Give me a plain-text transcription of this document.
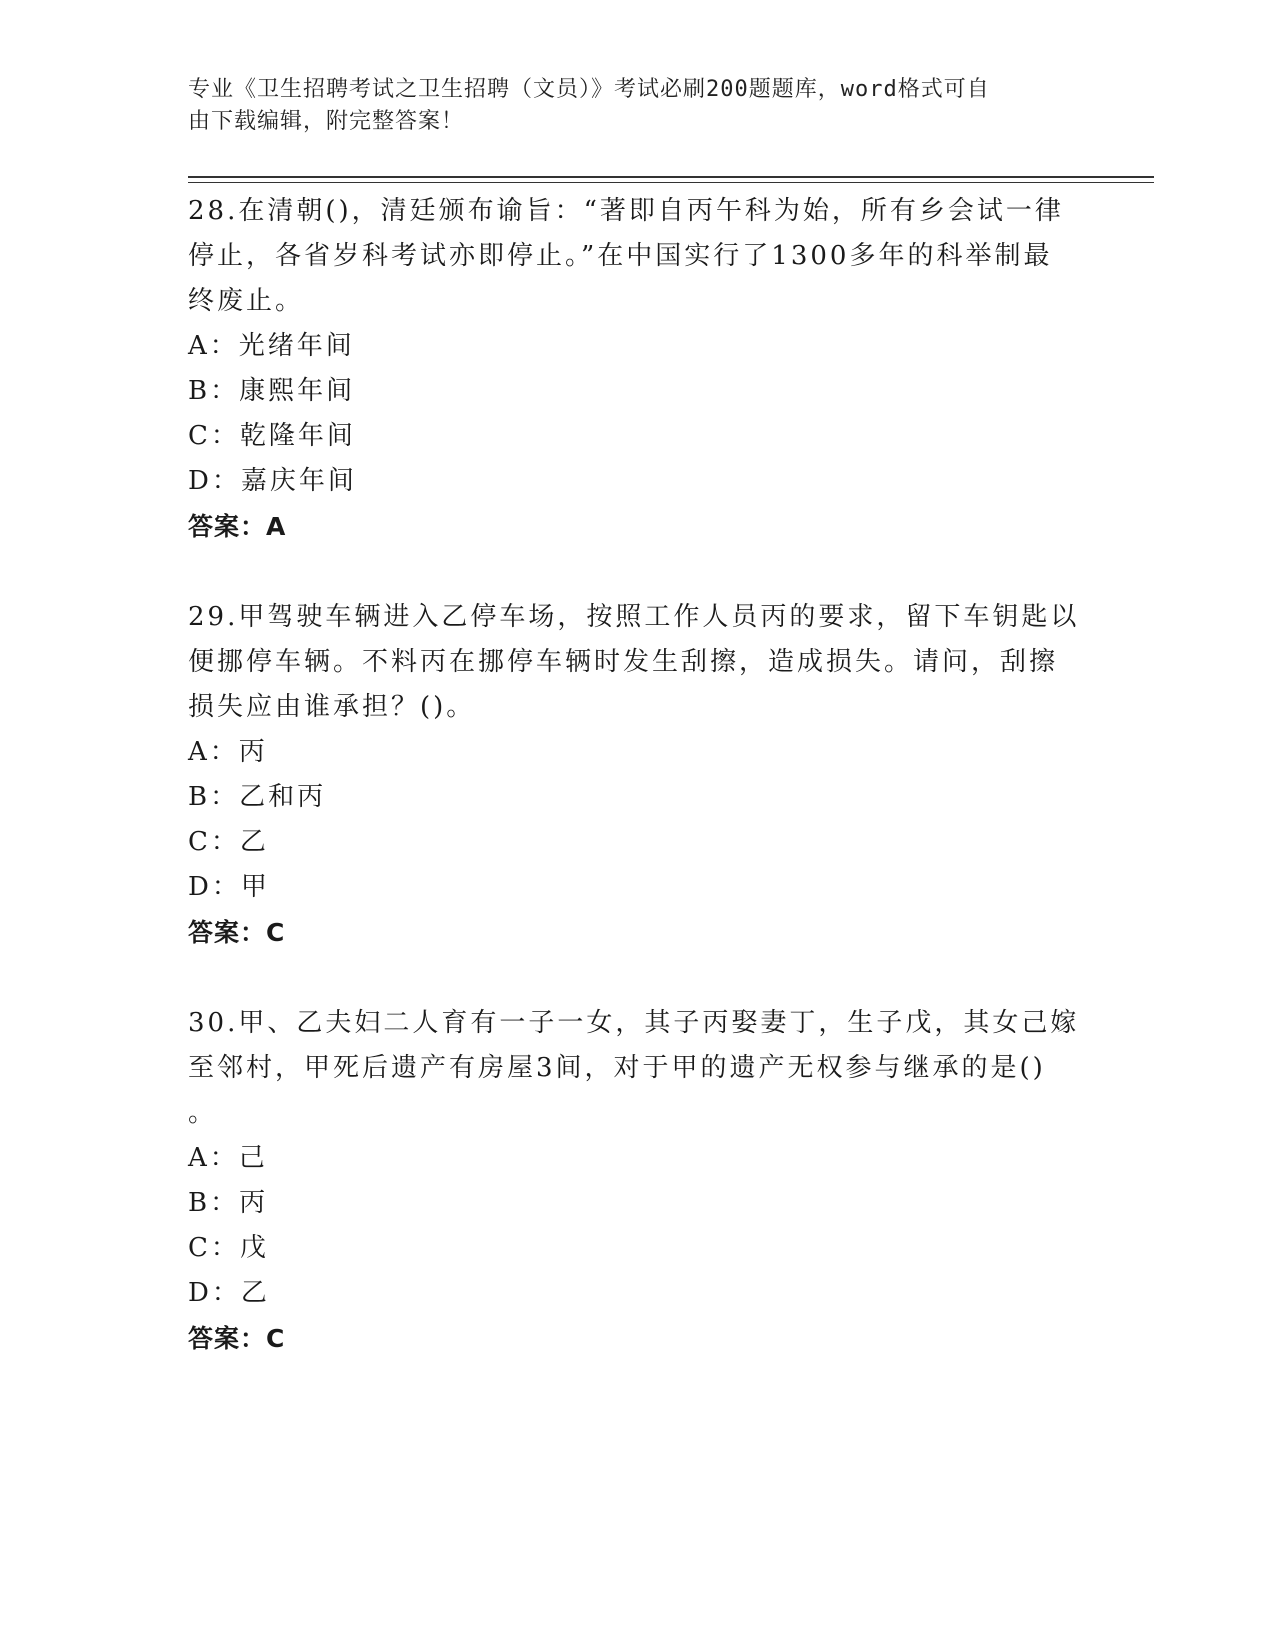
专业《卫生招聘考试之卫生招聘（文员）》考试必刷200题题库，word格式可自
由下载编辑，附完整答案！

28.在清朝()，清廷颁布谕旨：“著即自丙午科为始，所有乡会试一律

停止，各省岁科考试亦即停止。”在中国实行了1300多年的科举制最

终废止。

A：光绪年间

B：康熙年间

C：乾隆年间

D：嘉庆年间

答案：A

29.甲驾驶车辆进入乙停车场，按照工作人员丙的要求，留下车钥匙以

便挪停车辆。不料丙在挪停车辆时发生刮擦，造成损失。请问，刮擦

损失应由谁承担？()。

A：丙

B：乙和丙

C：乙

D：甲

答案：C

30.甲、乙夫妇二人育有一子一女，其子丙娶妻丁，生子戊，其女己嫁

至邻村，甲死后遗产有房屋3间，对于甲的遗产无权参与继承的是()

。

A：己

B：丙

C：戊

D：乙

答案：C
